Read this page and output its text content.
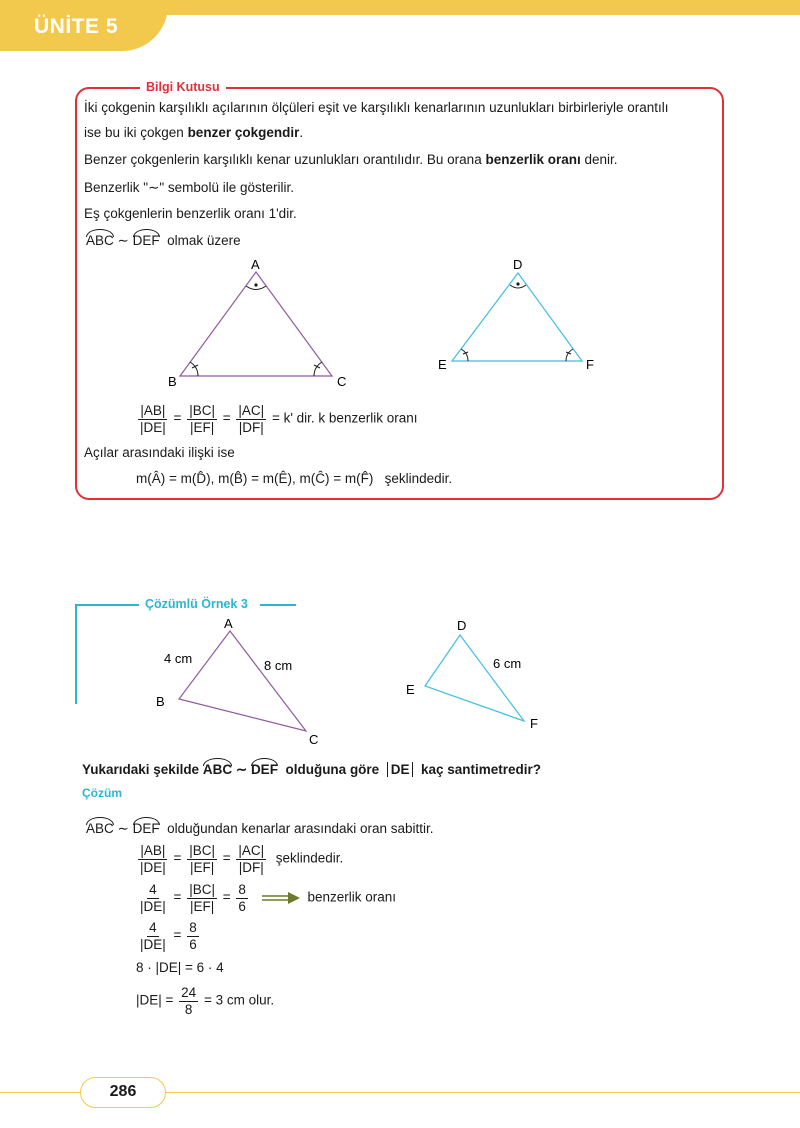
ÜNİTE 5
Bilgi Kutusu
İki çokgenin karşılıklı açılarının ölçüleri eşit ve karşılıklı kenarlarının uzunlukları birbirleriyle orantılı
ise bu iki çokgen benzer çokgendir.
Benzer çokgenlerin karşılıklı kenar uzunlukları orantılıdır. Bu orana benzerlik oranı denir.
Benzerlik "∼" sembolü ile gösterilir.
Eş çokgenlerin benzerlik oranı 1'dir.
ABC ∼ DEF olmak üzere
A
B	C
D
E	F
$\frac{|AB|}{|DE|} = \frac{|BC|}{|EF|} = \frac{|AC|}{|DF|} = k'$ dir. k benzerlik oranı
Açılar arasındaki ilişki ise
m(Â) = m(D̂), m(B̂) = m(Ê), m(Ĉ) = m(F̂) şeklindedir.
Çözümlü Örnek 3
A
B
C
4 cm	8 cm
D
E
F
6 cm
Yukarıdaki şekilde ABC ∼ DEF olduğuna göre DE kaç santimetredir?
Çözüm
ABC ∼ DEF olduğundan kenarlar arasındaki oran sabittir.
$\frac{|AB|}{|DE|} = \frac{|BC|}{|EF|} = \frac{|AC|}{|DF|}$ şeklindedir.
$\frac{4}{|DE|} = \frac{|BC|}{|EF|} = \frac{8}{6}$	benzerlik oranı
$\frac{4}{|DE|} = \frac{8}{6}$
8 · |DE| = 6 · 4
$|DE| = \frac{24}{8} = 3$ cm olur.
286
